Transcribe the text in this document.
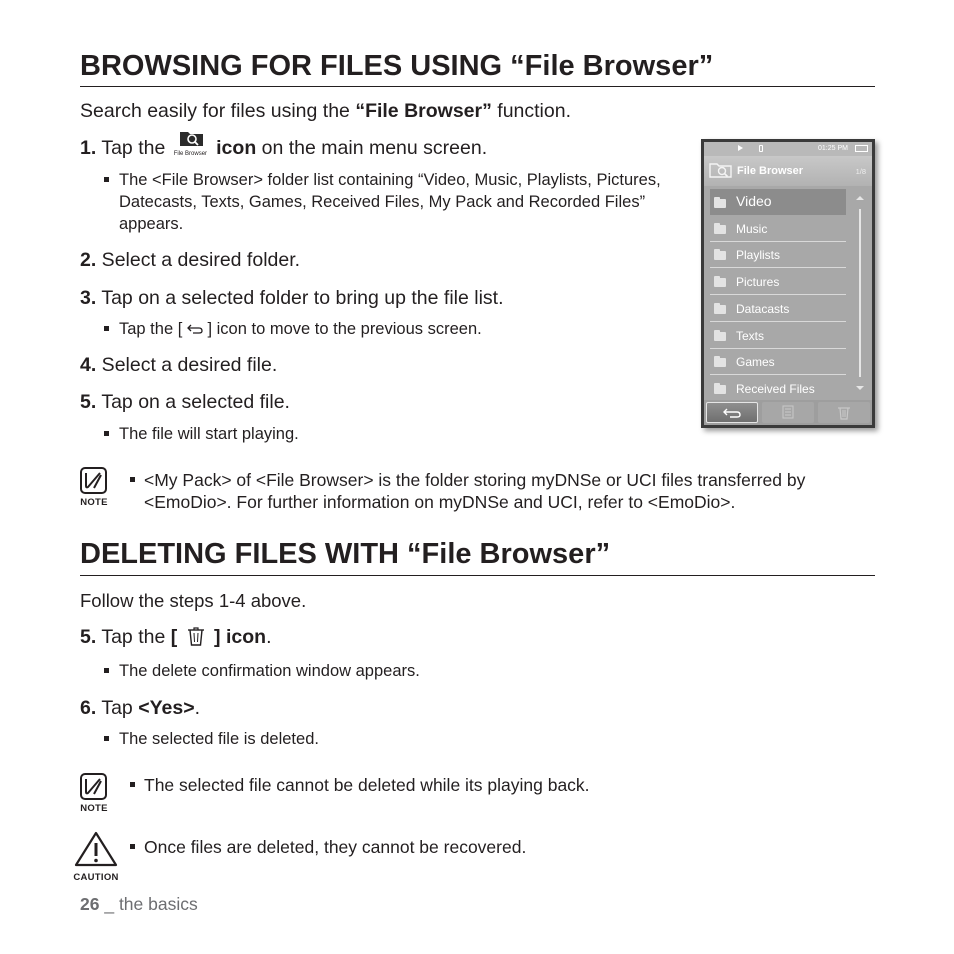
BROWSING FOR FILES USING “File Browser”
Search easily for files using the “File Browser” function.
1. Tap the File Browser icon on the main menu screen.
The <File Browser> folder list containing “Video, Music, Playlists, Pictures, Datecasts, Texts, Games, Received Files, My Pack and Recorded Files” appears.
2. Select a desired folder.
3. Tap on a selected folder to bring up the file list.
Tap the [  ] icon to move to the previous screen.
4. Select a desired file.
5. Tap on a selected file.
The file will start playing.
NOTE
<My Pack> of <File Browser> is the folder storing myDNSe or UCI files transferred by <EmoDio>. For further information on myDNSe and UCI, refer to <EmoDio>.
01:25 PM
File Browser	1/8
Video
Music
Playlists
Pictures
Datacasts
Texts
Games
Received Files
DELETING FILES WITH “File Browser”
Follow the steps 1-4 above.
5. Tap the [  ] icon.
The delete confirmation window appears.
6. Tap <Yes>.
The selected file is deleted.
NOTE
The selected file cannot be deleted while its playing back.
CAUTION
Once files are deleted, they cannot be recovered.
26 _ the basics
